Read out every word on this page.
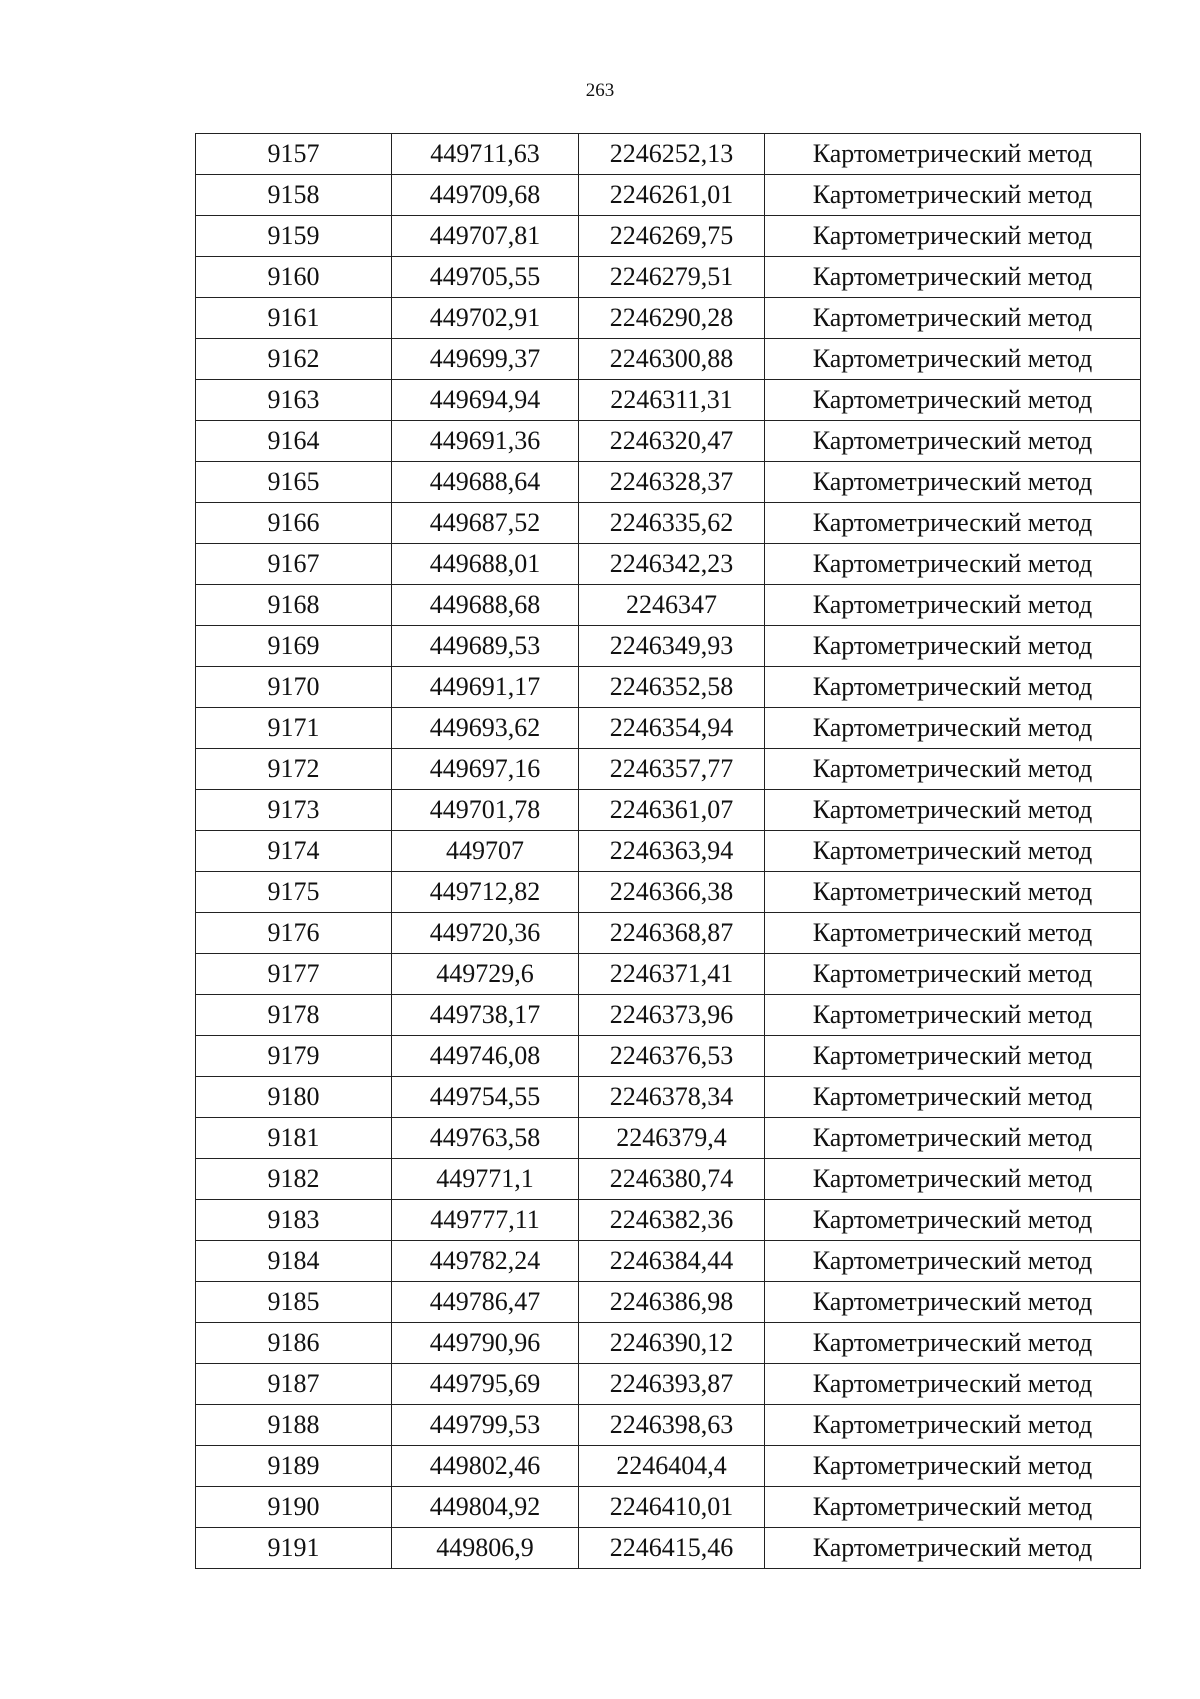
263
9157	449711,63	2246252,13	Картометрический метод
9158	449709,68	2246261,01	Картометрический метод
9159	449707,81	2246269,75	Картометрический метод
9160	449705,55	2246279,51	Картометрический метод
9161	449702,91	2246290,28	Картометрический метод
9162	449699,37	2246300,88	Картометрический метод
9163	449694,94	2246311,31	Картометрический метод
9164	449691,36	2246320,47	Картометрический метод
9165	449688,64	2246328,37	Картометрический метод
9166	449687,52	2246335,62	Картометрический метод
9167	449688,01	2246342,23	Картометрический метод
9168	449688,68	2246347	Картометрический метод
9169	449689,53	2246349,93	Картометрический метод
9170	449691,17	2246352,58	Картометрический метод
9171	449693,62	2246354,94	Картометрический метод
9172	449697,16	2246357,77	Картометрический метод
9173	449701,78	2246361,07	Картометрический метод
9174	449707	2246363,94	Картометрический метод
9175	449712,82	2246366,38	Картометрический метод
9176	449720,36	2246368,87	Картометрический метод
9177	449729,6	2246371,41	Картометрический метод
9178	449738,17	2246373,96	Картометрический метод
9179	449746,08	2246376,53	Картометрический метод
9180	449754,55	2246378,34	Картометрический метод
9181	449763,58	2246379,4	Картометрический метод
9182	449771,1	2246380,74	Картометрический метод
9183	449777,11	2246382,36	Картометрический метод
9184	449782,24	2246384,44	Картометрический метод
9185	449786,47	2246386,98	Картометрический метод
9186	449790,96	2246390,12	Картометрический метод
9187	449795,69	2246393,87	Картометрический метод
9188	449799,53	2246398,63	Картометрический метод
9189	449802,46	2246404,4	Картометрический метод
9190	449804,92	2246410,01	Картометрический метод
9191	449806,9	2246415,46	Картометрический метод
